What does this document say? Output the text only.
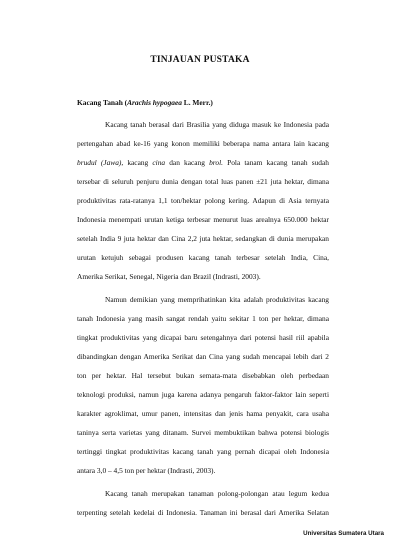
TINJAUAN PUSTAKA
Kacang Tanah (Arachis hypogaea L. Merr.)
Kacang tanah berasal dari Brasilia yang diduga masuk ke Indonesia pada
pertengahan abad ke-16 yang konon memiliki beberapa nama antara lain kacang
brudul (Jawa), kacang cina dan kacang brol. Pola tanam kacang tanah sudah
tersebar di seluruh penjuru dunia dengan total luas panen ±21 juta hektar, dimana
produktivitas rata-ratanya 1,1 ton/hektar polong kering. Adapun di Asia ternyata
Indonesia menempati urutan ketiga terbesar menurut luas arealnya 650.000 hektar
setelah India 9 juta hektar dan Cina 2,2 juta hektar, sedangkan di dunia merupakan
urutan ketujuh sebagai produsen kacang tanah terbesar setelah India, Cina,
Amerika Serikat, Senegal, Nigeria dan Brazil (Indrasti, 2003).
Namun demikian yang memprihatinkan kita adalah produktivitas kacang
tanah Indonesia yang masih sangat rendah yaitu sekitar 1 ton per hektar, dimana
tingkat produktivitas yang dicapai baru setengahnya dari potensi hasil riil apabila
dibandingkan dengan Amerika Serikat dan Cina yang sudah mencapai lebih dari 2
ton per hektar. Hal tersebut bukan semata-mata disebabkan oleh perbedaan
teknologi produksi, namun juga karena adanya pengaruh faktor-faktor lain seperti
karakter agroklimat, umur panen, intensitas dan jenis hama penyakit, cara usaha
taninya serta varietas yang ditanam. Survei membuktikan bahwa potensi biologis
tertinggi tingkat produktivitas kacang tanah yang pernah dicapai oleh Indonesia
antara 3,0 – 4,5 ton per hektar (Indrasti, 2003).
Kacang tanah merupakan tanaman polong-polongan atau legum kedua
terpenting setelah kedelai di Indonesia. Tanaman ini berasal dari Amerika Selatan
Universitas Sumatera Utara
